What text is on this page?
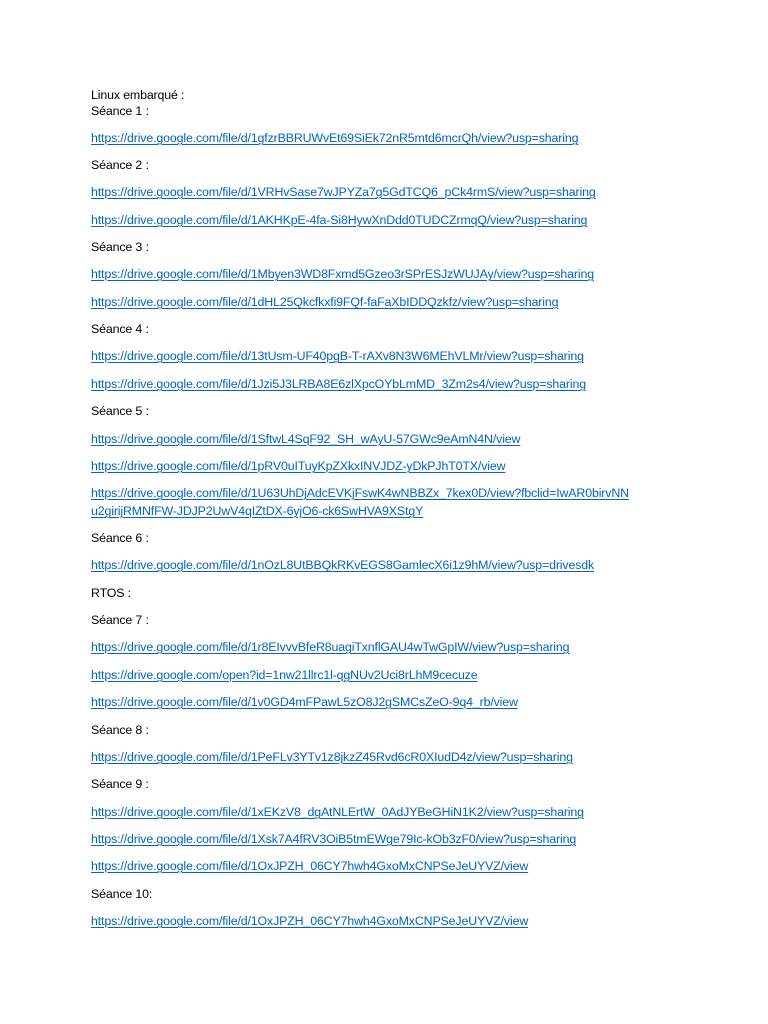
Linux embarqué :
Séance 1 :
https://drive.google.com/file/d/1gfzrBBRUWvEt69SiEk72nR5mtd6mcrQh/view?usp=sharing
Séance 2 :
https://drive.google.com/file/d/1VRHvSase7wJPYZa7g5GdTCQ6_pCk4rmS/view?usp=sharing
https://drive.google.com/file/d/1AKHKpE-4fa-Si8HywXnDdd0TUDCZrmqQ/view?usp=sharing
Séance 3 :
https://drive.google.com/file/d/1Mbyen3WD8Fxmd5Gzeo3rSPrESJzWUJAy/view?usp=sharing
https://drive.google.com/file/d/1dHL25Qkcfkxfi9FQf-faFaXbIDDQzkfz/view?usp=sharing
Séance 4 :
https://drive.google.com/file/d/13tUsm-UF40pgB-T-rAXv8N3W6MEhVLMr/view?usp=sharing
https://drive.google.com/file/d/1Jzi5J3LRBA8E6zlXpcOYbLmMD_3Zm2s4/view?usp=sharing
Séance 5 :
https://drive.google.com/file/d/1SftwL4SqF92_SH_wAyU-57GWc9eAmN4N/view
https://drive.google.com/file/d/1pRV0uITuyKpZXkxINVJDZ-yDkPJhT0TX/view
https://drive.google.com/file/d/1U63UhDjAdcEVKjFswK4wNBBZx_7kex0D/view?fbclid=IwAR0birvNN
u2girijRMNfFW-JDJP2UwV4qIZtDX-6yjO6-ck6SwHVA9XStgY
Séance 6 :
https://drive.google.com/file/d/1nOzL8UtBBQkRKvEGS8GamlecX6i1z9hM/view?usp=drivesdk
RTOS :
Séance 7 :
https://drive.google.com/file/d/1r8EIvvvBfeR8uagiTxnflGAU4wTwGpIW/view?usp=sharing
https://drive.google.com/open?id=1nw21llrc1l-qgNUv2Uci8rLhM9cecuze
https://drive.google.com/file/d/1v0GD4mFPawL5zO8J2gSMCsZeO-9q4_rb/view
Séance 8 :
https://drive.google.com/file/d/1PeFLv3YTv1z8jkzZ45Rvd6cR0XIudD4z/view?usp=sharing
Séance 9 :
https://drive.google.com/file/d/1xEKzV8_dgAtNLErtW_0AdJYBeGHiN1K2/view?usp=sharing
https://drive.google.com/file/d/1Xsk7A4fRV3OiB5tmEWge79Ic-kOb3zF0/view?usp=sharing
https://drive.google.com/file/d/1OxJPZH_06CY7hwh4GxoMxCNPSeJeUYVZ/view
Séance 10:
https://drive.google.com/file/d/1OxJPZH_06CY7hwh4GxoMxCNPSeJeUYVZ/view
